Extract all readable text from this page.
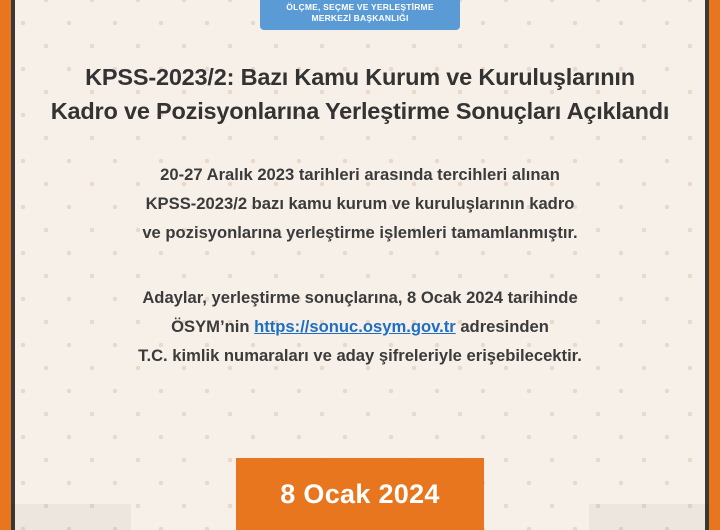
ÖLÇME, SEÇME VE YERLEŞTİRME
MERKEZİ BAŞKANLIĞI
KPSS-2023/2: Bazı Kamu Kurum ve Kuruluşlarının
Kadro ve Pozisyonlarına Yerleştirme Sonuçları Açıklandı
20-27 Aralık 2023 tarihleri arasında tercihleri alınan
KPSS-2023/2 bazı kamu kurum ve kuruluşlarının kadro
ve pozisyonlarına yerleştirme işlemleri tamamlanmıştır.
Adaylar, yerleştirme sonuçlarına, 8 Ocak 2024 tarihinde
ÖSYM’nin https://sonuc.osym.gov.tr adresinden
T.C. kimlik numaraları ve aday şifreleriyle erişebilecektir.
8 Ocak 2024
